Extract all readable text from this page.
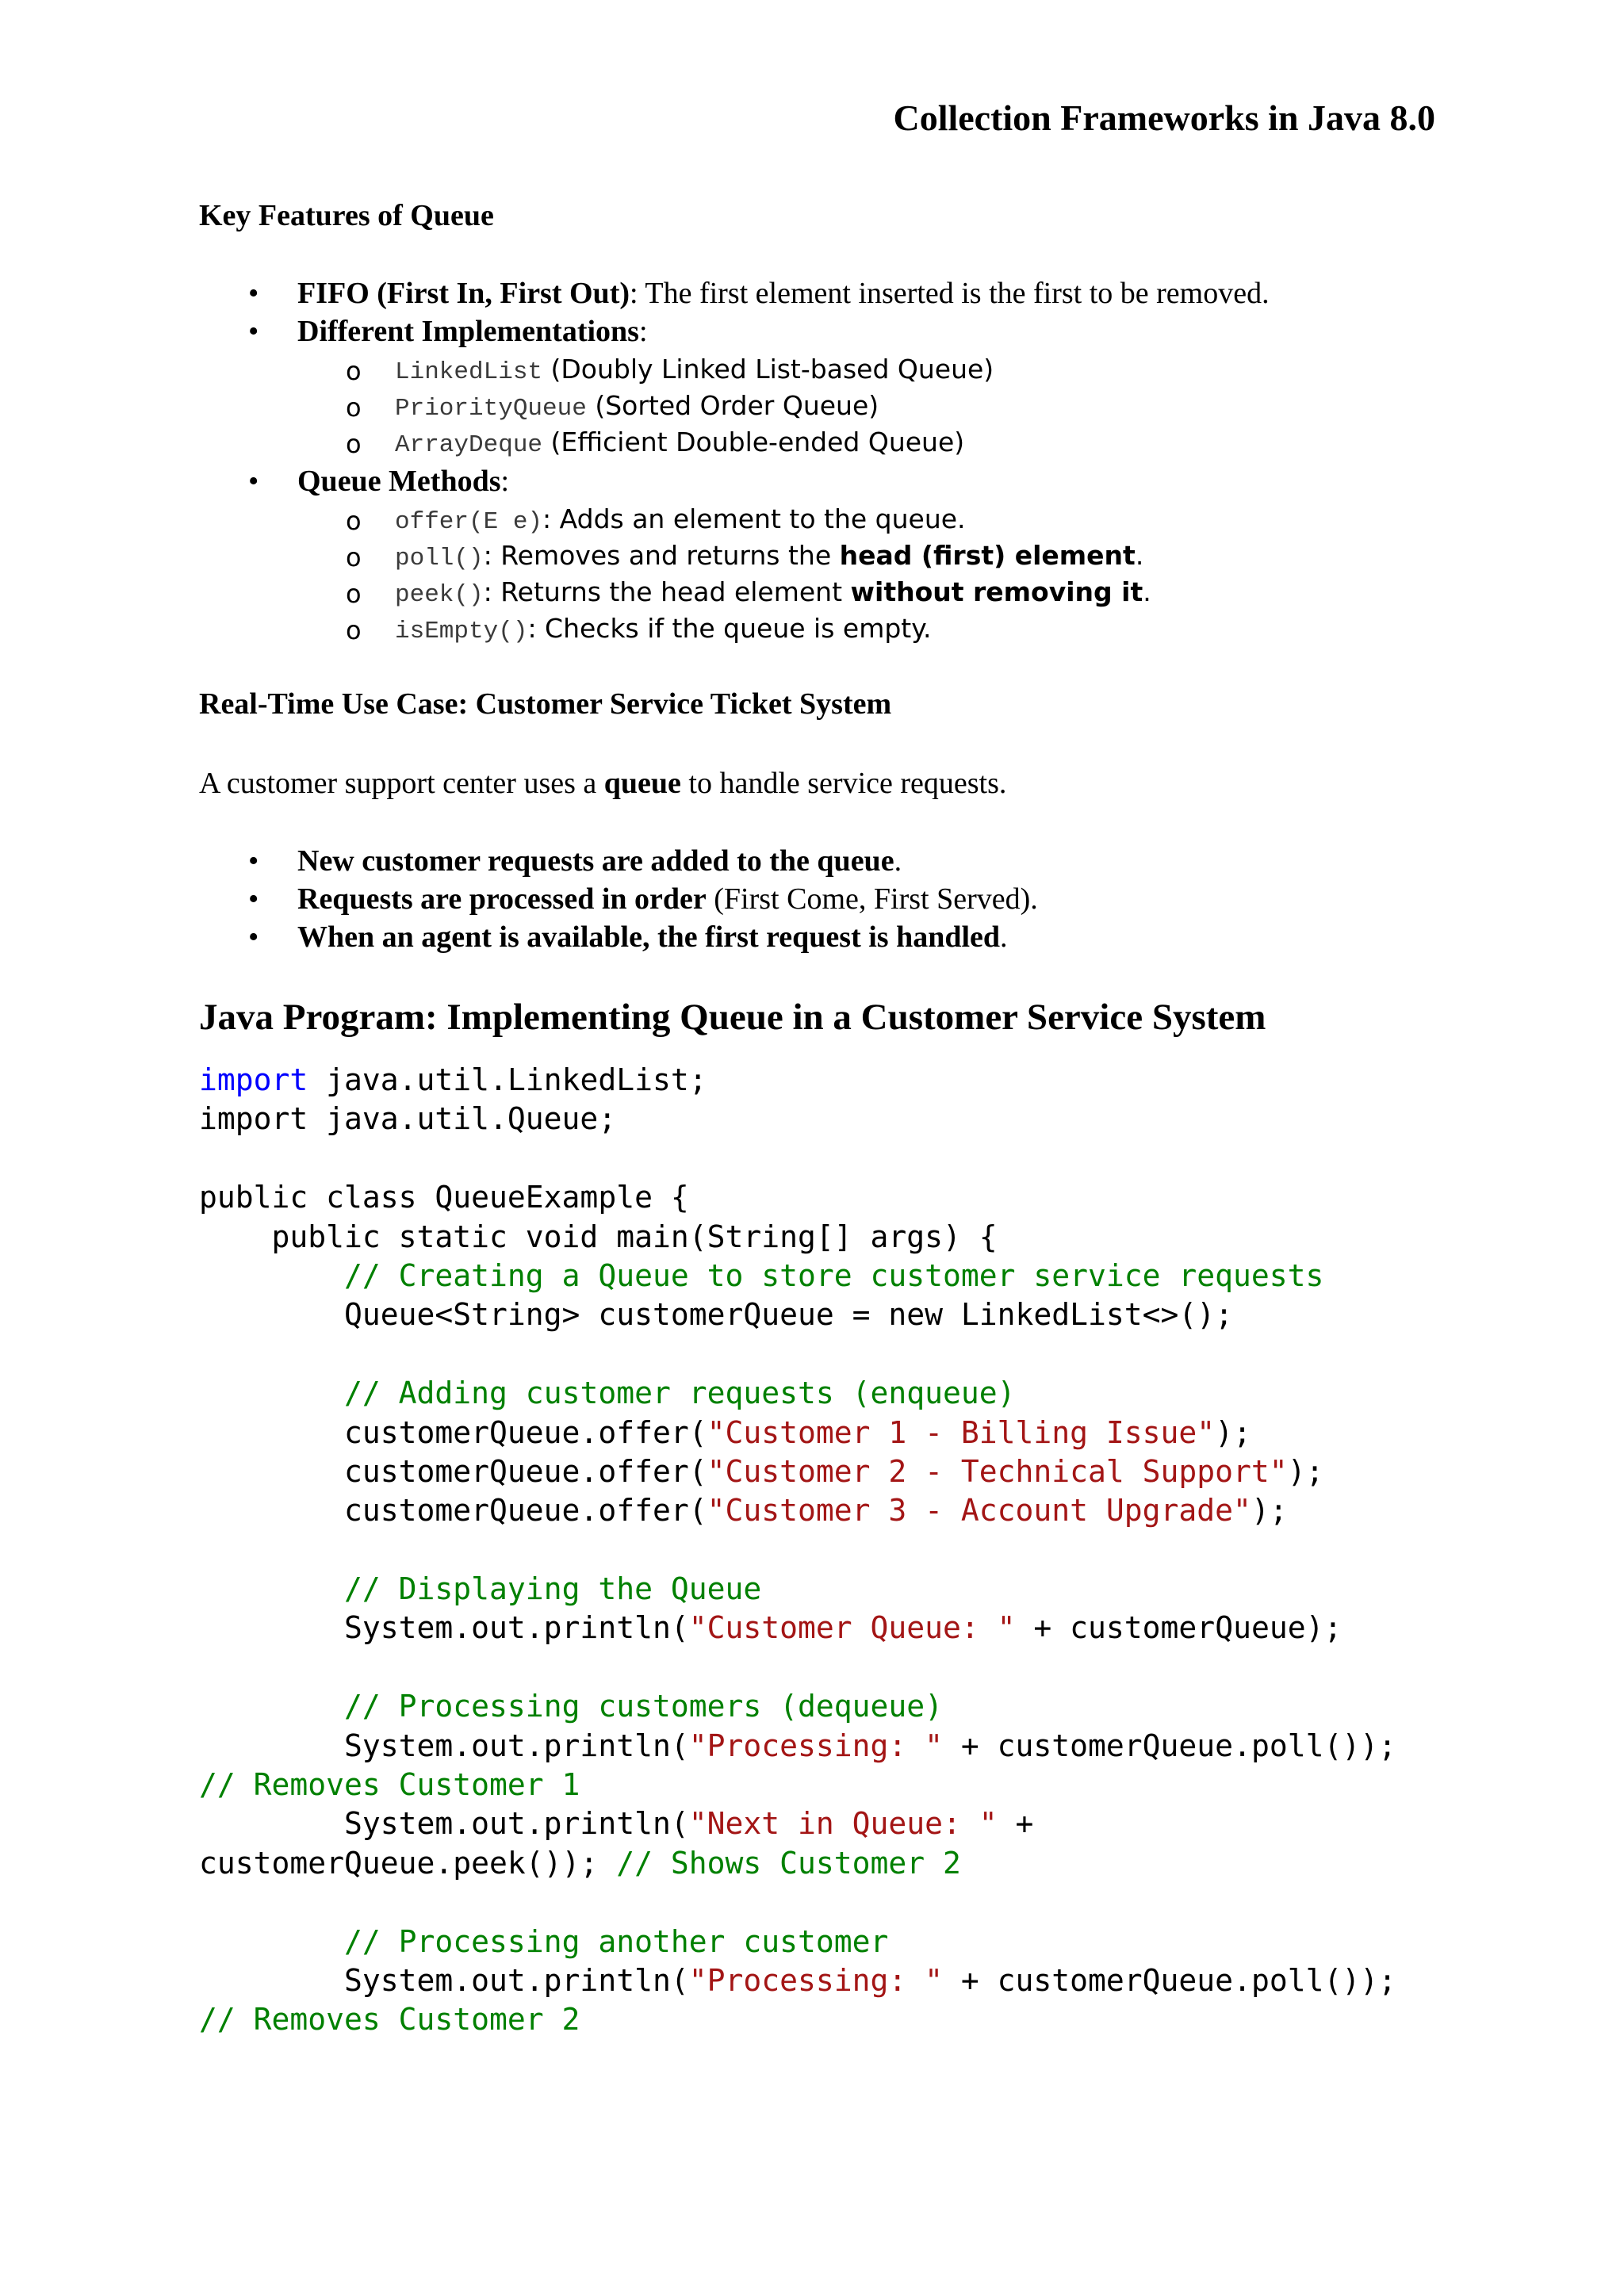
Collection Frameworks in Java 8.0
Key Features of Queue
• FIFO (First In, First Out): The first element inserted is the first to be removed.
• Different Implementations:
o LinkedList (Doubly Linked List-based Queue)
o PriorityQueue (Sorted Order Queue)
o ArrayDeque (Efficient Double-ended Queue)
• Queue Methods:
o offer(E e): Adds an element to the queue.
o poll(): Removes and returns the head (first) element.
o peek(): Returns the head element without removing it.
o isEmpty(): Checks if the queue is empty.
Real-Time Use Case: Customer Service Ticket System
A customer support center uses a queue to handle service requests.
• New customer requests are added to the queue.
• Requests are processed in order (First Come, First Served).
• When an agent is available, the first request is handled.
Java Program: Implementing Queue in a Customer Service System
import java.util.LinkedList;
import java.util.Queue;
public class QueueExample {
public static void main(String[] args) {
// Creating a Queue to store customer service requests
Queue<String> customerQueue = new LinkedList<>();
// Adding customer requests (enqueue)
customerQueue.offer("Customer 1 - Billing Issue");
customerQueue.offer("Customer 2 - Technical Support");
customerQueue.offer("Customer 3 - Account Upgrade");
// Displaying the Queue
System.out.println("Customer Queue: " + customerQueue);
// Processing customers (dequeue)
System.out.println("Processing: " + customerQueue.poll());
// Removes Customer 1
System.out.println("Next in Queue: " +
customerQueue.peek()); // Shows Customer 2
// Processing another customer
System.out.println("Processing: " + customerQueue.poll());
// Removes Customer 2
